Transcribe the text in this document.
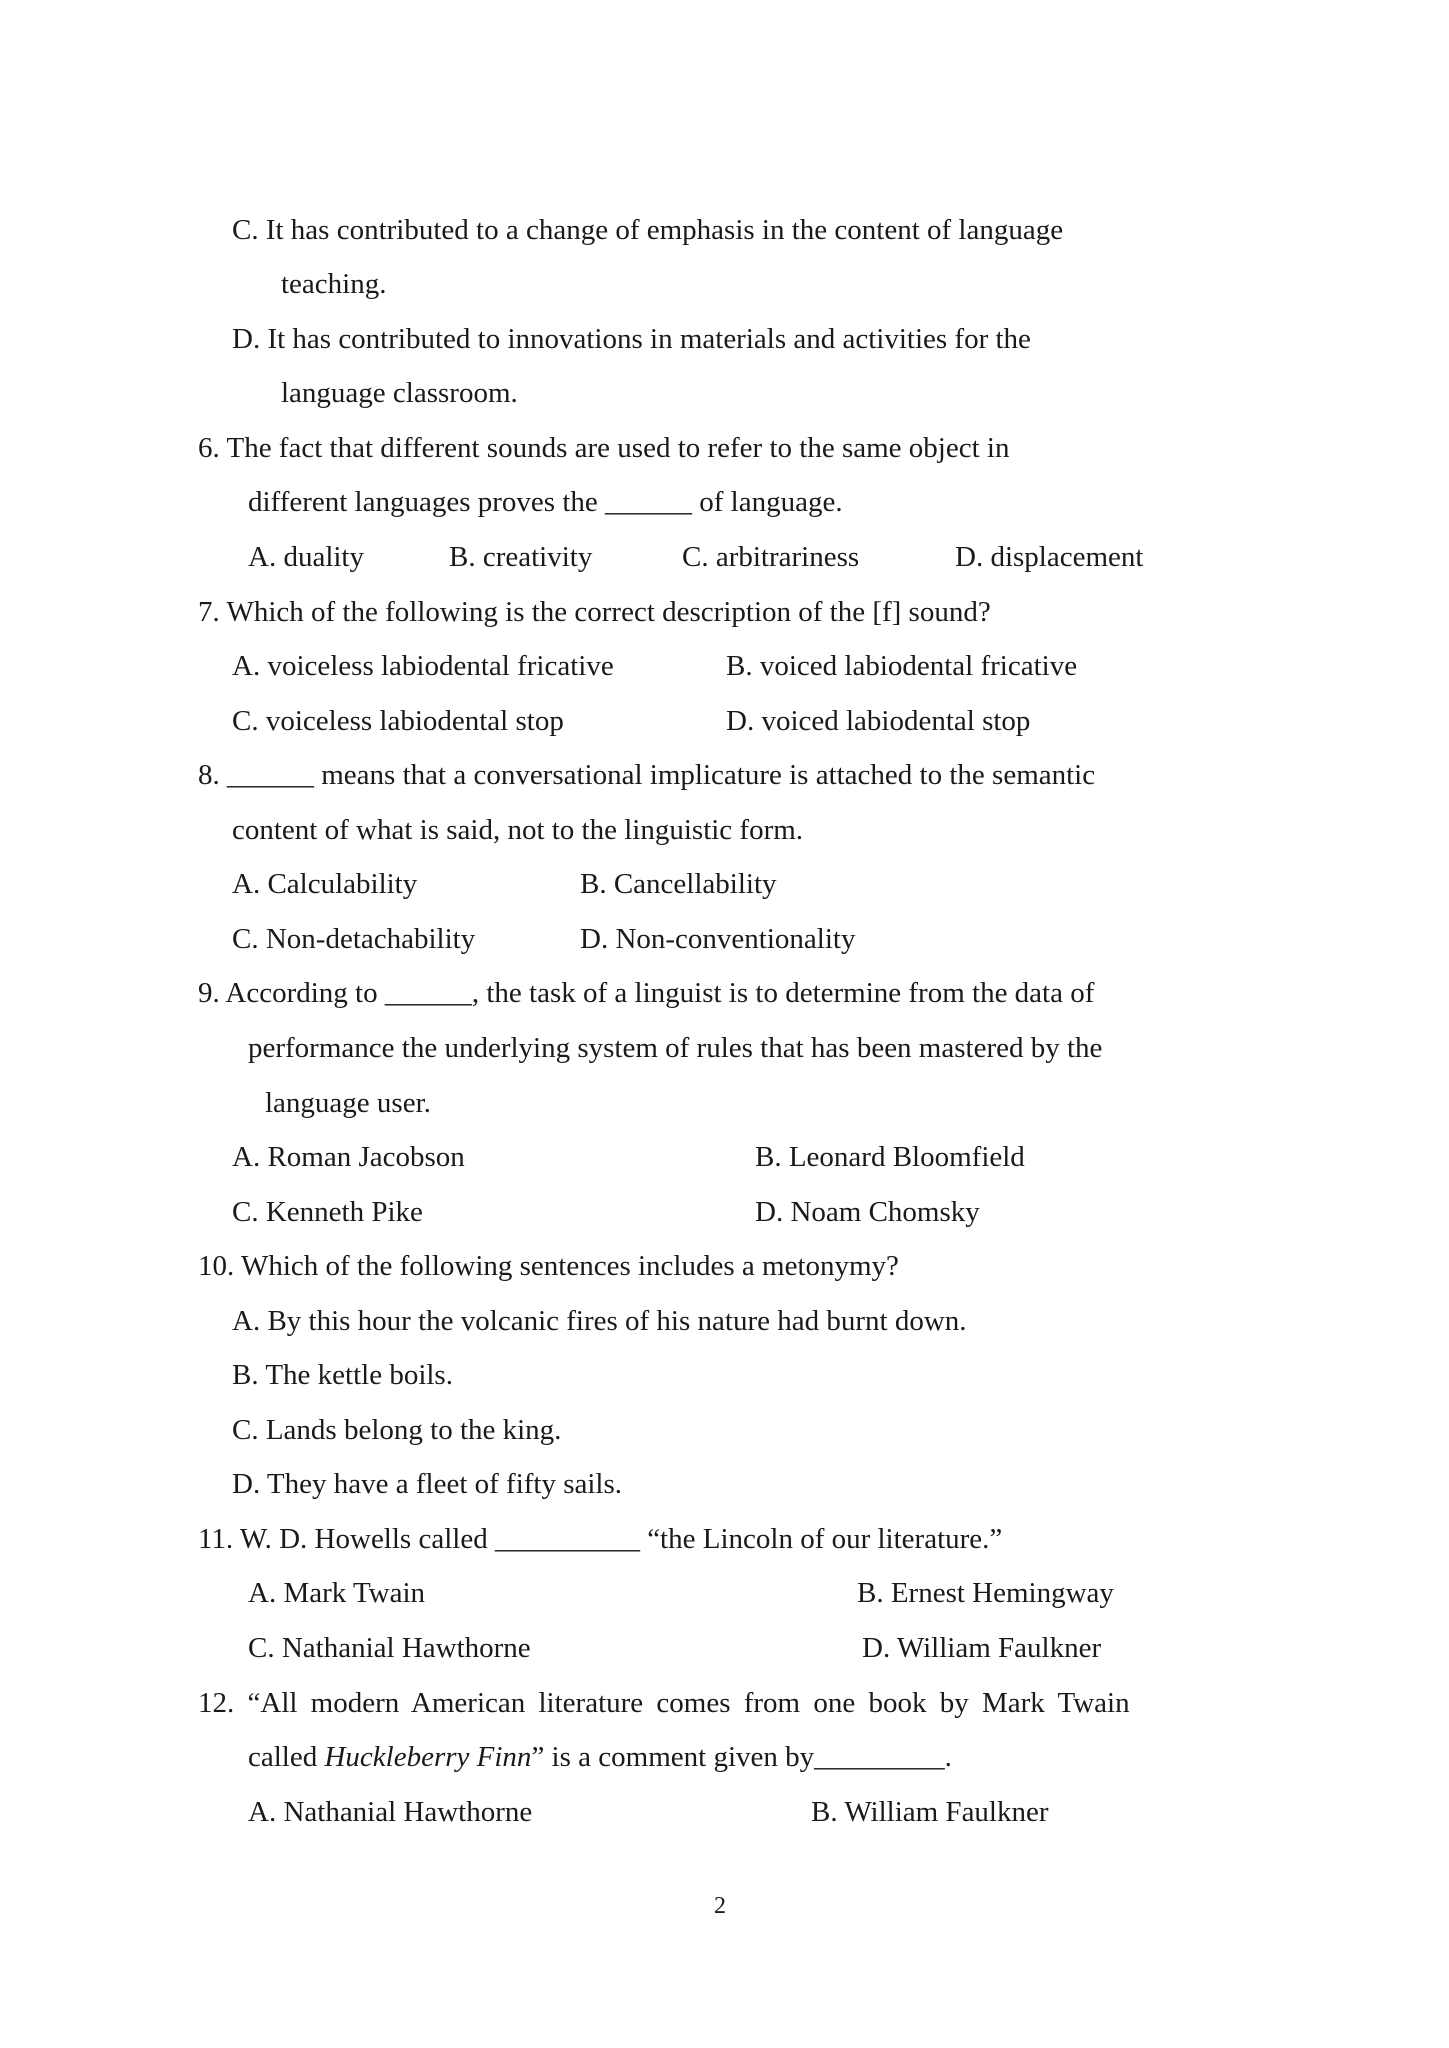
C. It has contributed to a change of emphasis in the content of language
teaching.
D. It has contributed to innovations in materials and activities for the
language classroom.
6. The fact that different sounds are used to refer to the same object in
different languages proves the ______ of language.
A. duality	B. creativity	C. arbitrariness	D. displacement
7. Which of the following is the correct description of the [f] sound?
A. voiceless labiodental fricative	B. voiced labiodental fricative
C. voiceless labiodental stop	D. voiced labiodental stop
8. ______ means that a conversational implicature is attached to the semantic
content of what is said, not to the linguistic form.
A. Calculability	B. Cancellability
C. Non-detachability	D. Non-conventionality
9. According to ______, the task of a linguist is to determine from the data of
performance the underlying system of rules that has been mastered by the
language user.
A. Roman Jacobson	B. Leonard Bloomfield
C. Kenneth Pike	D. Noam Chomsky
10. Which of the following sentences includes a metonymy?
A. By this hour the volcanic fires of his nature had burnt down.
B. The kettle boils.
C. Lands belong to the king.
D. They have a fleet of fifty sails.
11. W. D. Howells called __________ “the Lincoln of our literature.”
A. Mark Twain	B. Ernest Hemingway
C. Nathanial Hawthorne	D. William Faulkner
12. “All modern American literature comes from one book by Mark Twain
called Huckleberry Finn” is a comment given by_________.
A. Nathanial Hawthorne	B. William Faulkner
2
